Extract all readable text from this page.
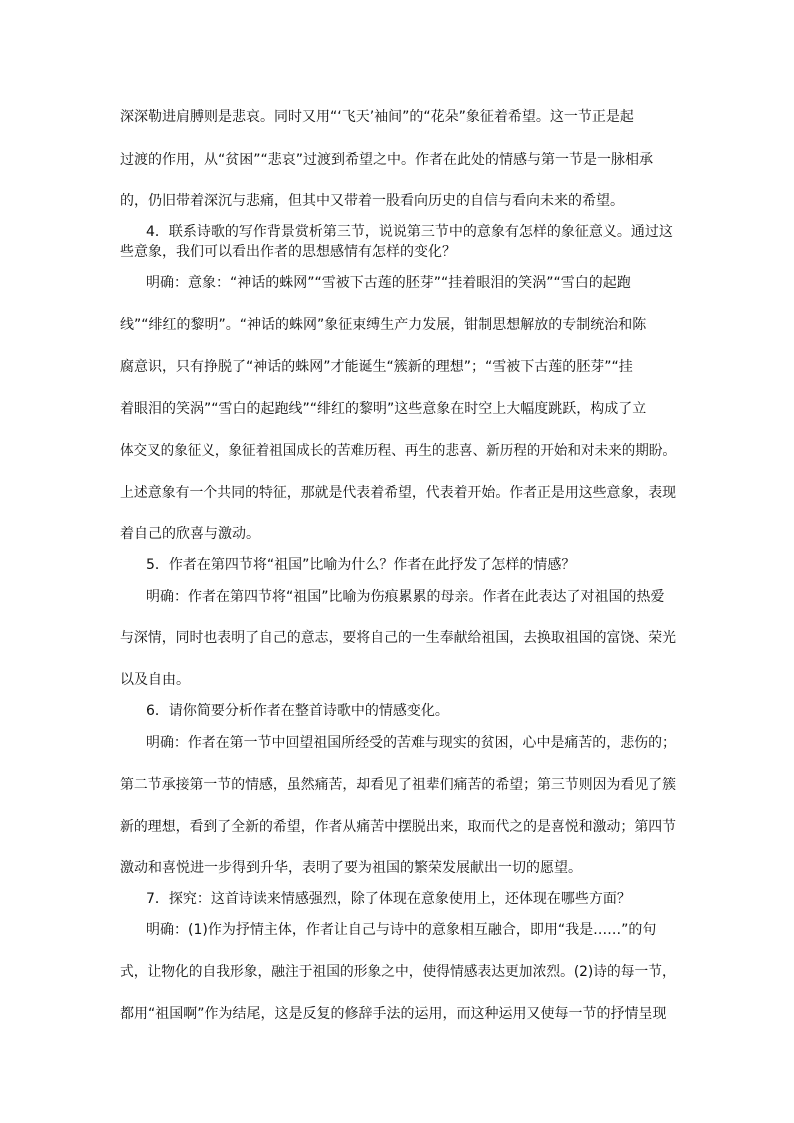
深深勒进肩膊则是悲哀。同时又用“‘飞天’袖间”的“花朵”象征着希望。这一节正是起
过渡的作用，从“贫困”“悲哀”过渡到希望之中。作者在此处的情感与第一节是一脉相承
的，仍旧带着深沉与悲痛，但其中又带着一股看向历史的自信与看向未来的希望。
4．联系诗歌的写作背景赏析第三节，说说第三节中的意象有怎样的象征意义。通过这
些意象，我们可以看出作者的思想感情有怎样的变化？
明确：意象：“神话的蛛网”“雪被下古莲的胚芽”“挂着眼泪的笑涡”“雪白的起跑
线”“绯红的黎明”。“神话的蛛网”象征束缚生产力发展，钳制思想解放的专制统治和陈
腐意识，只有挣脱了“神话的蛛网”才能诞生“簇新的理想”；“雪被下古莲的胚芽”“挂
着眼泪的笑涡”“雪白的起跑线”“绯红的黎明”这些意象在时空上大幅度跳跃，构成了立
体交叉的象征义，象征着祖国成长的苦难历程、再生的悲喜、新历程的开始和对未来的期盼。
上述意象有一个共同的特征，那就是代表着希望，代表着开始。作者正是用这些意象，表现
着自己的欣喜与激动。
5．作者在第四节将“祖国”比喻为什么？作者在此抒发了怎样的情感？
明确：作者在第四节将“祖国”比喻为伤痕累累的母亲。作者在此表达了对祖国的热爱
与深情，同时也表明了自己的意志，要将自己的一生奉献给祖国，去换取祖国的富饶、荣光
以及自由。
6．请你简要分析作者在整首诗歌中的情感变化。
明确：作者在第一节中回望祖国所经受的苦难与现实的贫困，心中是痛苦的，悲伤的；
第二节承接第一节的情感，虽然痛苦，却看见了祖辈们痛苦的希望；第三节则因为看见了簇
新的理想，看到了全新的希望，作者从痛苦中摆脱出来，取而代之的是喜悦和激动；第四节
激动和喜悦进一步得到升华，表明了要为祖国的繁荣发展献出一切的愿望。
7．探究：这首诗读来情感强烈，除了体现在意象使用上，还体现在哪些方面？
明确：(1)作为抒情主体，作者让自己与诗中的意象相互融合，即用“我是……”的句
式，让物化的自我形象，融注于祖国的形象之中，使得情感表达更加浓烈。(2)诗的每一节，
都用“祖国啊”作为结尾，这是反复的修辞手法的运用，而这种运用又使每一节的抒情呈现
